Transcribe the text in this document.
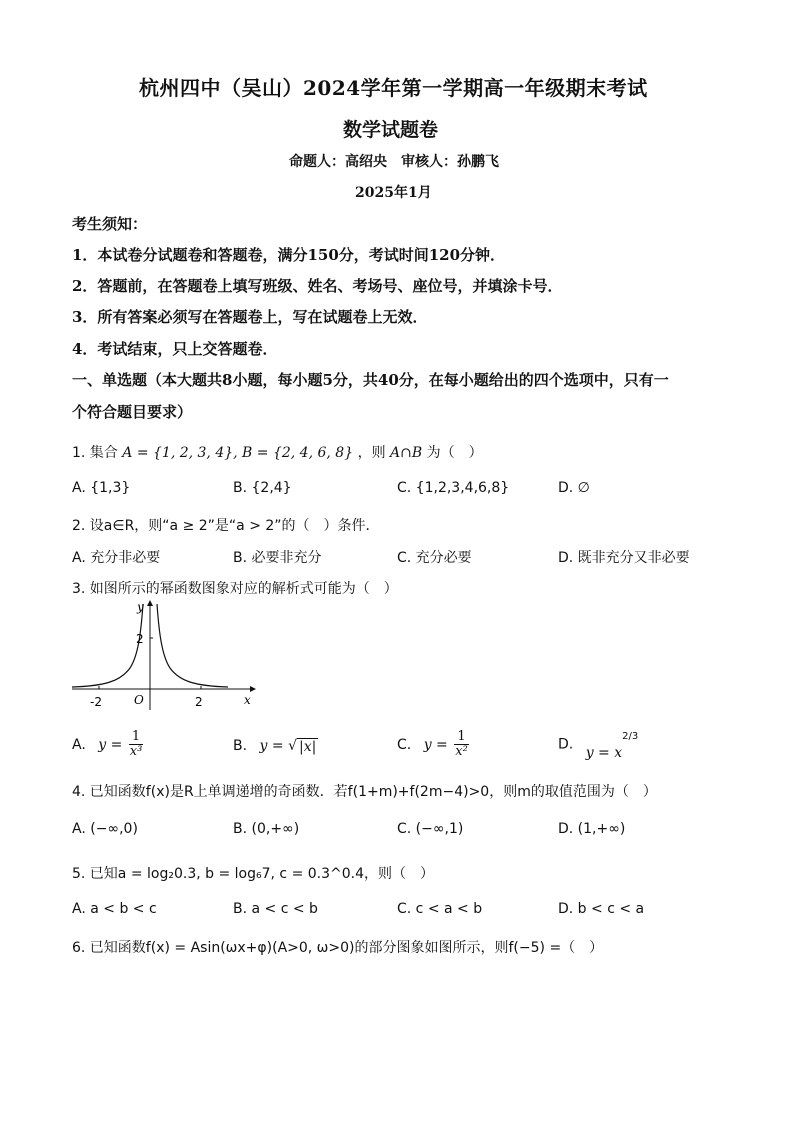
杭州四中（吴山）2024学年第一学期高一年级期末考试
数学试题卷
命题人：高绍央　审核人：孙鹏飞
2025年1月
考生须知：
1．本试卷分试题卷和答题卷，满分150分，考试时间120分钟．
2．答题前，在答题卷上填写班级、姓名、考场号、座位号，并填涂卡号．
3．所有答案必须写在答题卷上，写在试题卷上无效．
4．考试结束，只上交答题卷．
一、单选题（本大题共8小题，每小题5分，共40分，在每小题给出的四个选项中，只有一
个符合题目要求）
1. 集合 A = {1, 2, 3, 4}, B = {2, 4, 6, 8} ，则 A∩B 为（　）
A. {1,3}	B. {2,4}	C. {1,2,3,4,6,8}	D. ∅
2. 设a∈R，则“a ≥ 2”是“a > 2”的（　）条件．
A. 充分非必要	B. 必要非充分	C. 充分必要	D. 既非充分又非必要
3. 如图所示的幂函数图象对应的解析式可能为（　）
y
x
O
-2	2
2
A. $y = \frac{1}{\text{x³}}$	B. y = √ |x|	C. $y = \frac{1}{\text{x²}}$	D. $y = x^{2/3}$
4. 已知函数f(x)是R上单调递增的奇函数．若f(1+m)+f(2m−4)>0，则m的取值范围为（　）
A. (−∞,0)	B. (0,+∞)	C. (−∞,1)	D. (1,+∞)
5. 已知a = log₂0.3, b = log₆7, c = 0.3^0.4，则（　）
A. a < b < c	B. a < c < b	C. c < a < b	D. b < c < a
6. 已知函数f(x) = Asin(ωx+φ)(A>0, ω>0)的部分图象如图所示，则f(−5) =（　）
